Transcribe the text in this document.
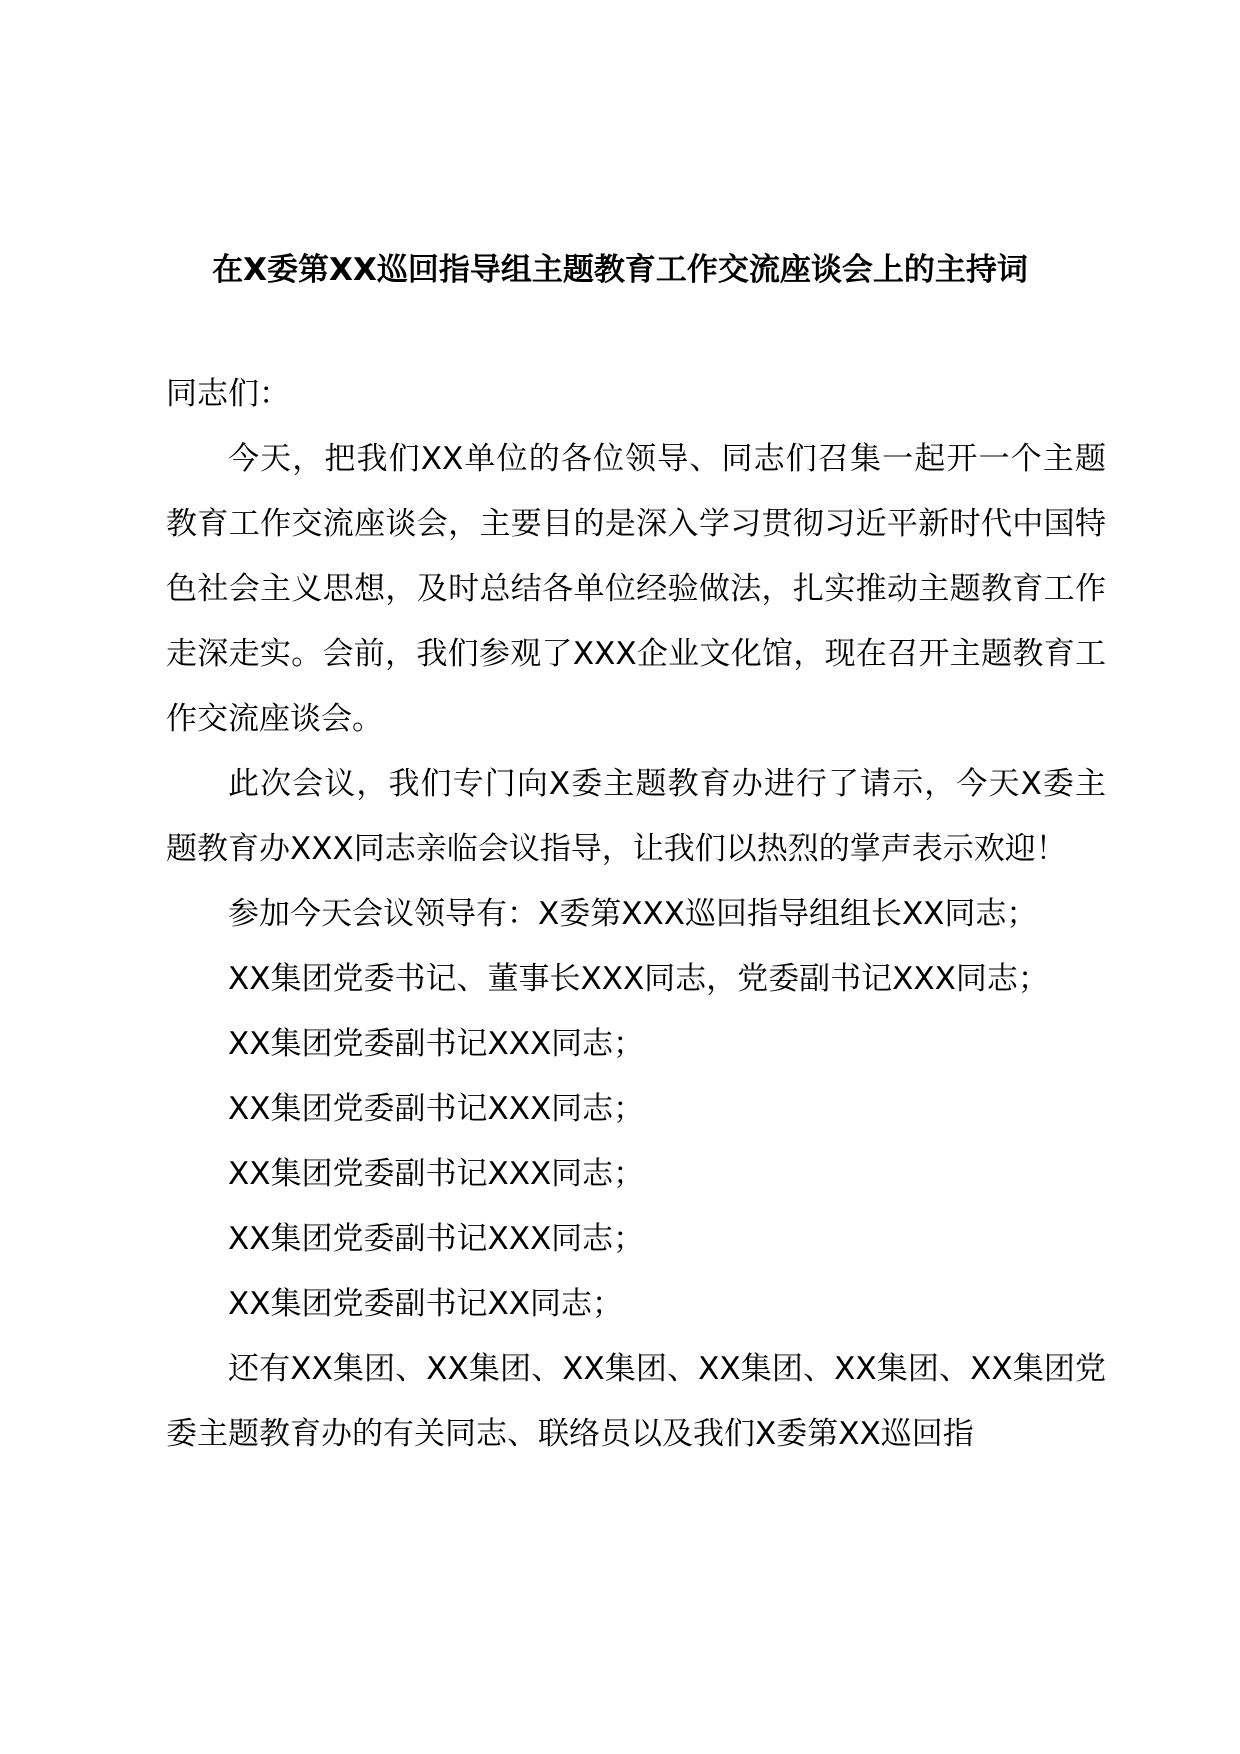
在X委第XX巡回指导组主题教育工作交流座谈会上的主持词

同志们：

今天，把我们XX单位的各位领导、同志们召集一起开一个主题教育工作交流座谈会，主要目的是深入学习贯彻习近平新时代中国特色社会主义思想，及时总结各单位经验做法，扎实推动主题教育工作走深走实。会前，我们参观了XXX企业文化馆，现在召开主题教育工作交流座谈会。

此次会议，我们专门向X委主题教育办进行了请示，今天X委主题教育办XXX同志亲临会议指导，让我们以热烈的掌声表示欢迎！

参加今天会议领导有：X委第XXX巡回指导组组长XX同志；

XX集团党委书记、董事长XXX同志，党委副书记XXX同志；

XX集团党委副书记XXX同志；

XX集团党委副书记XXX同志；

XX集团党委副书记XXX同志；

XX集团党委副书记XXX同志；

XX集团党委副书记XX同志；

还有XX集团、XX集团、XX集团、XX集团、XX集团、XX集团党委主题教育办的有关同志、联络员以及我们X委第XX巡回指
